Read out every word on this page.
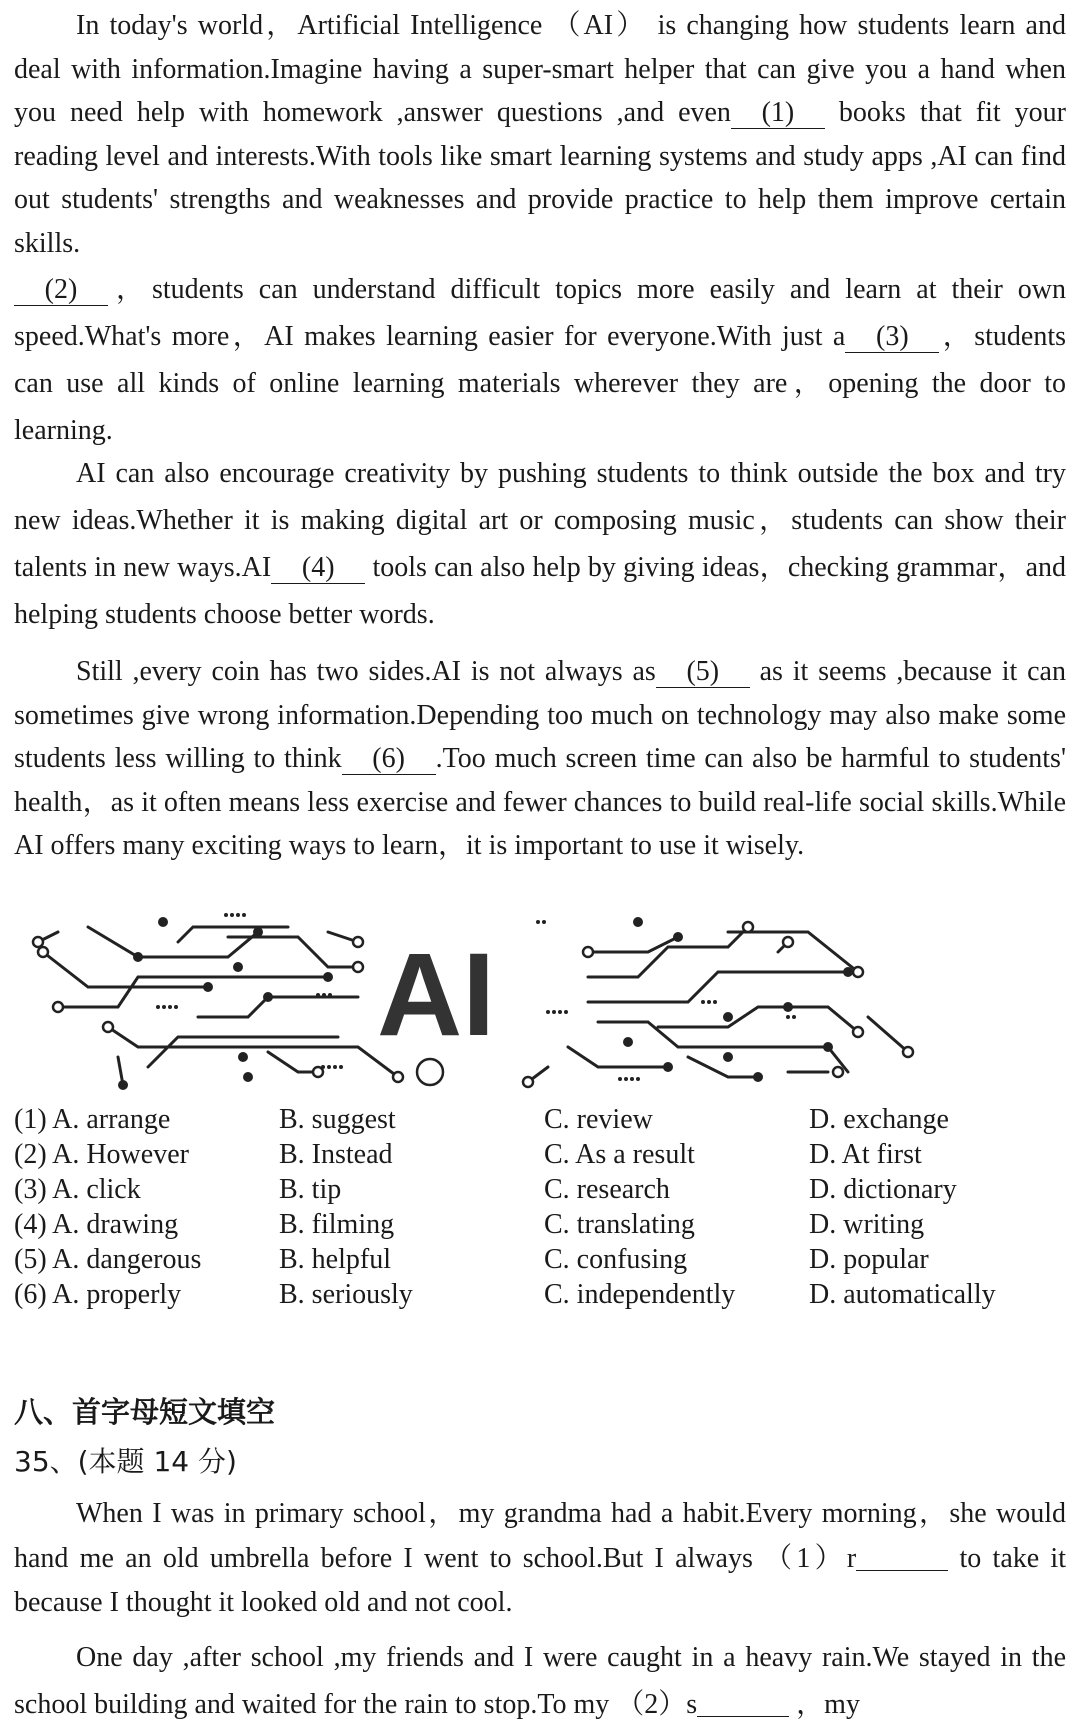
In today's world，Artificial Intelligence （AI） is changing how students learn and deal with information.Imagine having a super-smart helper that can give you a hand when you need help with homework ,answer questions ,and even (1) books that fit your reading level and interests.With tools like smart learning systems and study apps ,AI can find out students' strengths and weaknesses and provide practice to help them improve certain skills.

(2) ，students can understand difficult topics more easily and learn at their own speed.What's more，AI makes learning easier for everyone.With just a (3) ，students can use all kinds of online learning materials wherever they are，opening the door to learning.

AI can also encourage creativity by pushing students to think outside the box and try new ideas.Whether it is making digital art or composing music，students can show their talents in new ways.AI (4) tools can also help by giving ideas，checking grammar，and helping students choose better words.

Still ,every coin has two sides.AI is not always as (5) as it seems ,because it can sometimes give wrong information.Depending too much on technology may also make some students less willing to think (6) .Too much screen time can also be harmful to students' health，as it often means less exercise and fewer chances to build real-life social skills.While AI offers many exciting ways to learn，it is important to use it wisely.

AI
(1) A. arrange	B. suggest	C. review	D. exchange
(2) A. However	B. Instead	C. As a result	D. At first
(3) A. click	B. tip	C. research	D. dictionary
(4) A. drawing	B. filming	C. translating	D. writing
(5) A. dangerous	B. helpful	C. confusing	D. popular
(6) A. properly	B. seriously	C. independently	D. automatically
八、首字母短文填空
35、(本题 14 分)

When I was in primary school，my grandma had a habit.Every morning，she would hand me an old umbrella before I went to school.But I always （1）r	to take it because I thought it looked old and not cool.

One day ,after school ,my friends and I were caught in a heavy rain.We stayed in the school building and waited for the rain to stop.To my （2）s	，my
